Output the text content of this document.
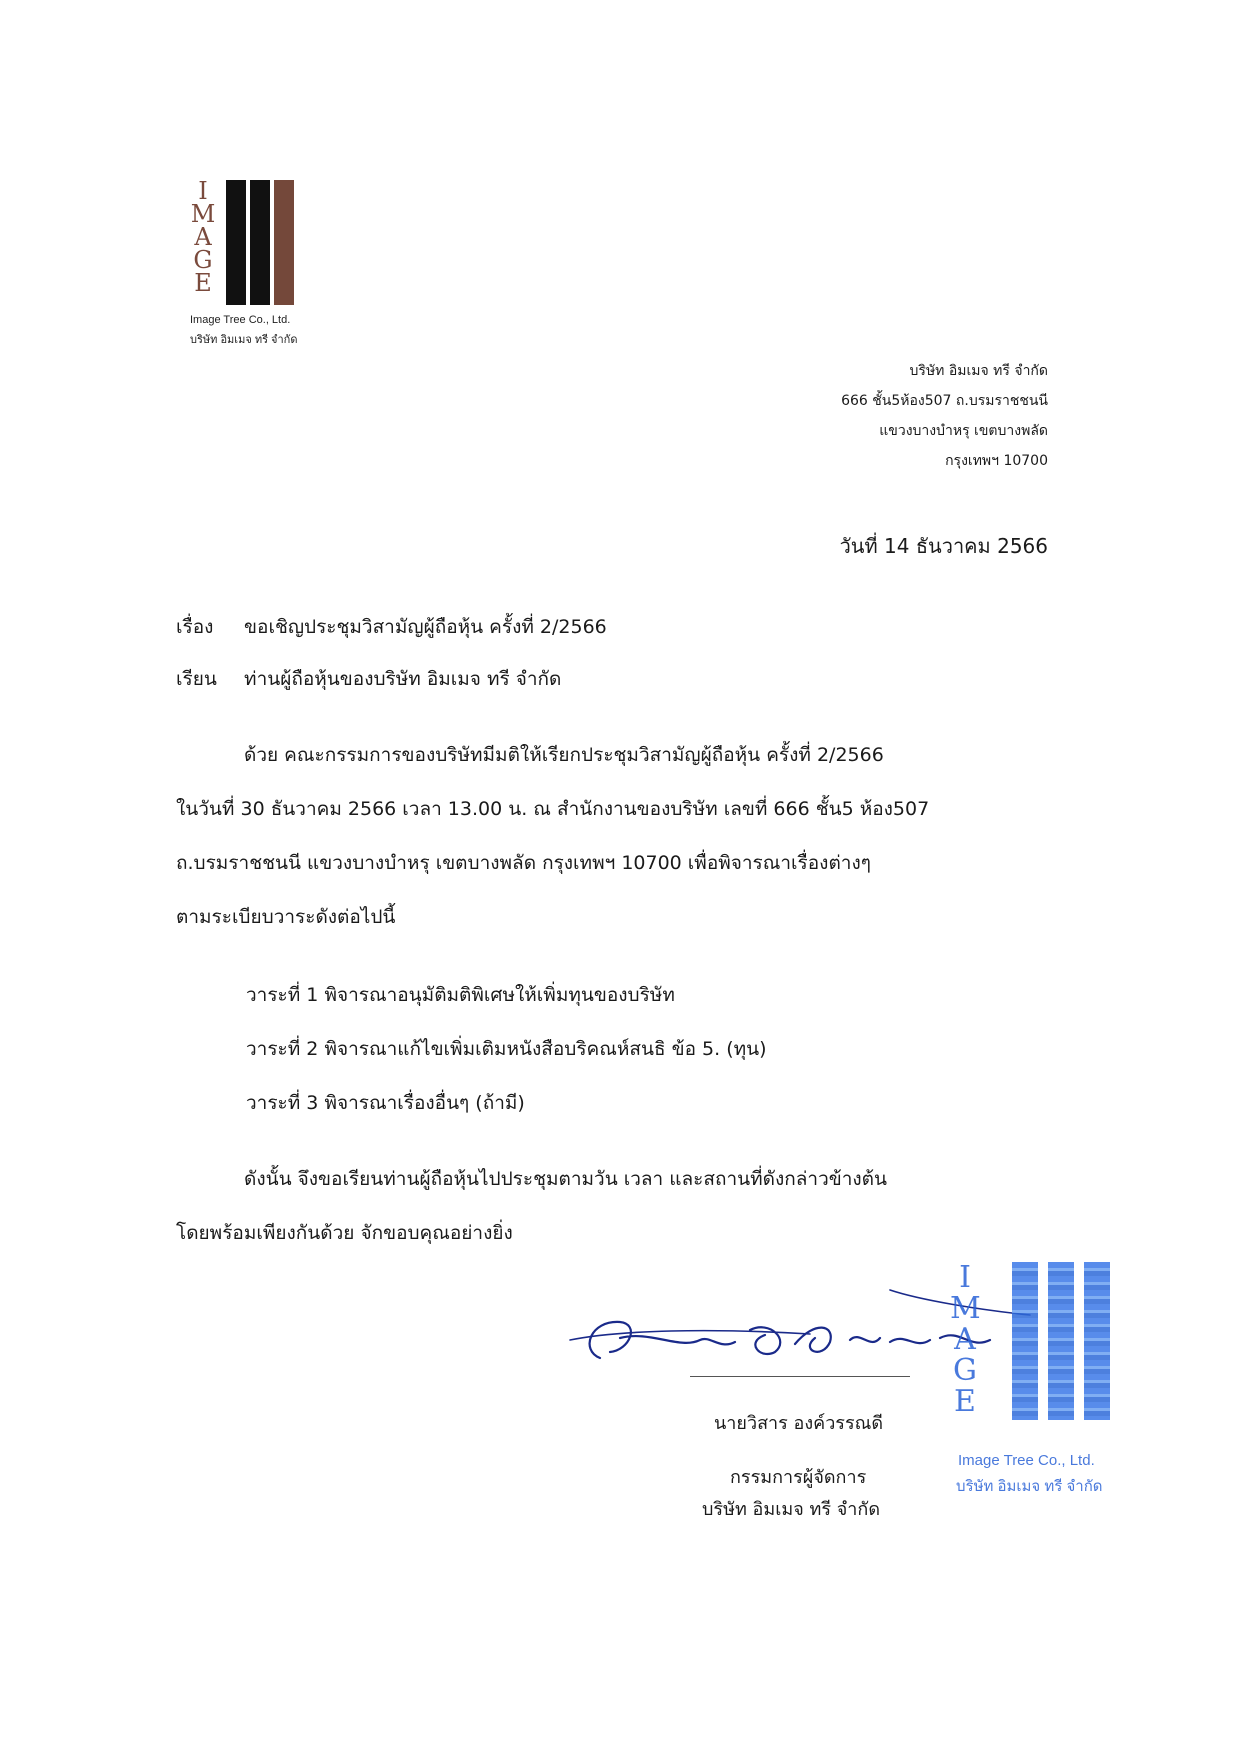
I
M
A
G
E
Image Tree Co., Ltd.
บริษัท อิมเมจ ทรี จำกัด
บริษัท อิมเมจ ทรี จำกัด
666 ชั้น5ห้อง507 ถ.บรมราชชนนี
แขวงบางบำหรุ เขตบางพลัด
กรุงเทพฯ 10700
วันที่ 14 ธันวาคม 2566
เรื่อง ขอเชิญประชุมวิสามัญผู้ถือหุ้น ครั้งที่ 2/2566
เรียน ท่านผู้ถือหุ้นของบริษัท อิมเมจ ทรี จำกัด
ด้วย คณะกรรมการของบริษัทมีมติให้เรียกประชุมวิสามัญผู้ถือหุ้น ครั้งที่ 2/2566
ในวันที่ 30 ธันวาคม 2566 เวลา 13.00 น. ณ สำนักงานของบริษัท เลขที่ 666 ชั้น5 ห้อง507
ถ.บรมราชชนนี แขวงบางบำหรุ เขตบางพลัด กรุงเทพฯ 10700 เพื่อพิจารณาเรื่องต่างๆ
ตามระเบียบวาระดังต่อไปนี้
วาระที่ 1 พิจารณาอนุมัติมติพิเศษให้เพิ่มทุนของบริษัท
วาระที่ 2 พิจารณาแก้ไขเพิ่มเติมหนังสือบริคณห์สนธิ ข้อ 5. (ทุน)
วาระที่ 3 พิจารณาเรื่องอื่นๆ (ถ้ามี)
ดังนั้น จึงขอเรียนท่านผู้ถือหุ้นไปประชุมตามวัน เวลา และสถานที่ดังกล่าวข้างต้น
โดยพร้อมเพียงกันด้วย จักขอบคุณอย่างยิ่ง
นายวิสาร องค์วรรณดี
กรรมการผู้จัดการ
บริษัท อิมเมจ ทรี จำกัด
I
M
A
G
E
Image Tree Co., Ltd.
บริษัท อิมเมจ ทรี จำกัด
